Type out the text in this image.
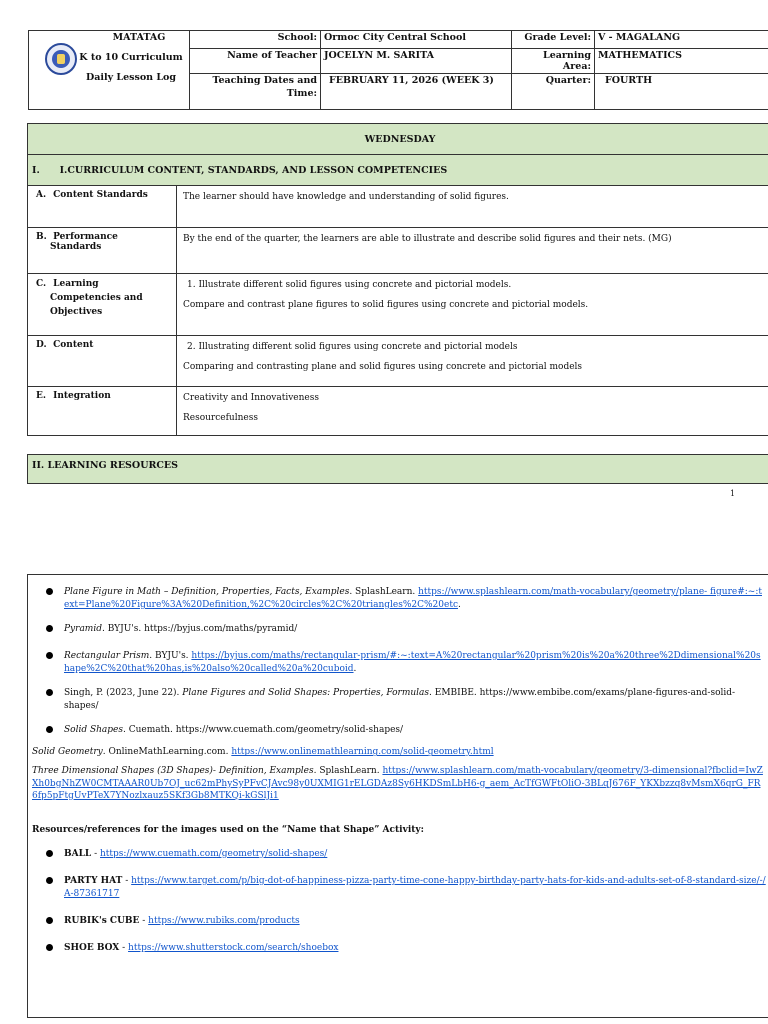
MATATAG
K to 10 Curriculum
Daily Lesson Log	School:	Ormoc City Central School	Grade Level:	V - MAGALANG
	Name of Teacher	JOCELYN M. SARITA	Learning Area:	MATHEMATICS
	Teaching Dates and Time:	FEBRUARY 11, 2026 (WEEK 3)	Quarter:	FOURTH
WEDNESDAY	
I.      I.CURRICULUM CONTENT, STANDARDS, AND LESSON COMPETENCIES	
A. Content Standards	The learner should have knowledge and understanding of solid figures.

B. Performance Standards	By the end of the quarter, the learners are able to illustrate and describe solid figures and their nets. (MG)

C. Learning Competencies and Objectives	1. Illustrate different solid figures using concrete and pictorial models.

Compare and contrast plane figures to solid figures using concrete and pictorial models.

D. Content	2. Illustrating different solid figures using concrete and pictorial models

Comparing and contrasting plane and solid figures using concrete and pictorial models

E. Integration	Creativity and Innovativeness

Resourcefulness

II. LEARNING RESOURCES
1
Plane Figure in Math – Definition, Properties, Facts, Examples. SplashLearn. https://www.splashlearn.com/math-vocabulary/geometry/plane- figure#:~:text=Plane%20Figure%3A%20Definition,%2C%20circles%2C%20triangles%2C%20etc.
Pyramid. BYJU's. https://byjus.com/maths/pyramid/
Rectangular Prism. BYJU's. https://byjus.com/maths/rectangular-prism/#:~:text=A%20rectangular%20prism%20is%20a%20three%2Ddimensional%20shape%2C%20that%20has,is%20also%20called%20a%20cuboid.
Singh, P. (2023, June 22). Plane Figures and Solid Shapes: Properties, Formulas. EMBIBE. https://www.embibe.com/exams/plane-figures-and-solid-shapes/
Solid Shapes. Cuemath. https://www.cuemath.com/geometry/solid-shapes/

Solid Geometry. OnlineMathLearning.com. https://www.onlinemathlearning.com/solid-geometry.html

Three Dimensional Shapes (3D Shapes)- Definition, Examples. SplashLearn. https://www.splashlearn.com/math-vocabulary/geometry/3-dimensional?fbclid=IwZXh0bgNhZW0CMTAAAR0Ub7OJ_uc62mPhySyPFvCJAvc98y0UXMIG1rELGDAz8Sy6HKDSmLbH6-g_aem_AcTfGWFtOliO-3BLqJ676F_YKXbzzq8vMsmX6qrG_FR6fp5pFtgUvPTeX7YNozlxauz5SKf3Gb8MTKQi-kGSlJi1

Resources/references for the images used on the “Name that Shape” Activity:

BALL - https://www.cuemath.com/geometry/solid-shapes/
PARTY HAT - https://www.target.com/p/big-dot-of-happiness-pizza-party-time-cone-happy-birthday-party-hats-for-kids-and-adults-set-of-8-standard-size/-/A-87361717
RUBIK's CUBE - https://www.rubiks.com/products
SHOE BOX - https://www.shutterstock.com/search/shoebox
